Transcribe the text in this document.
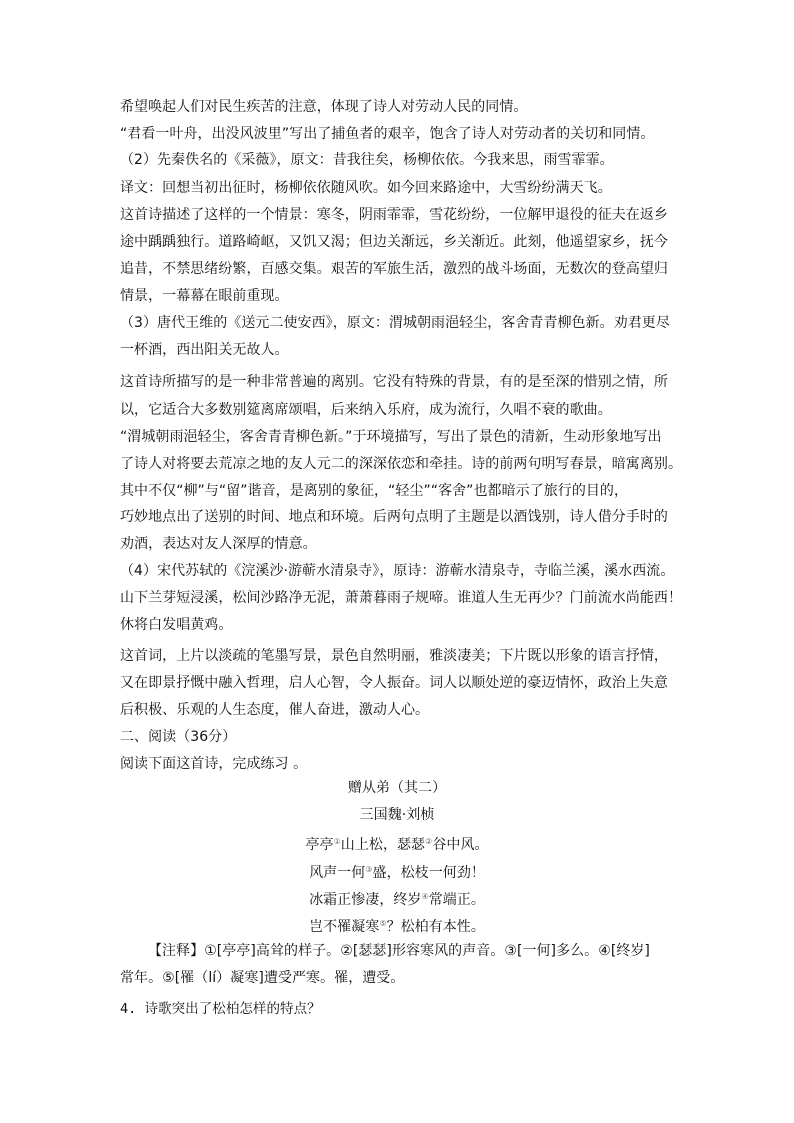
希望唤起人们对民生疾苦的注意，体现了诗人对劳动人民的同情。
“君看一叶舟，出没风波里”写出了捕鱼者的艰辛，饱含了诗人对劳动者的关切和同情。
（2）先秦佚名的《采薇》，原文：昔我往矣，杨柳依依。今我来思，雨雪霏霏。
译文：回想当初出征时，杨柳依依随风吹。如今回来路途中，大雪纷纷满天飞。
这首诗描述了这样的一个情景：寒冬，阴雨霏霏，雪花纷纷，一位解甲退役的征夫在返乡
途中踽踽独行。道路崎岖，又饥又渴；但边关渐远，乡关渐近。此刻，他遥望家乡，抚今
追昔，不禁思绪纷繁，百感交集。艰苦的军旅生活，激烈的战斗场面，无数次的登高望归
情景，一幕幕在眼前重现。
（3）唐代王维的《送元二使安西》，原文：渭城朝雨浥轻尘，客舍青青柳色新。劝君更尽
一杯酒，西出阳关无故人。
这首诗所描写的是一种非常普遍的离别。它没有特殊的背景，有的是至深的惜别之情，所
以，它适合大多数别筵离席颂唱，后来纳入乐府，成为流行，久唱不衰的歌曲。
“渭城朝雨浥轻尘，客舍青青柳色新。”于环境描写，写出了景色的清新，生动形象地写出
了诗人对将要去荒凉之地的友人元二的深深依恋和牵挂。诗的前两句明写春景，暗寓离别。
其中不仅“柳”与“留”谐音，是离别的象征，“轻尘”“客舍”也都暗示了旅行的目的，
巧妙地点出了送别的时间、地点和环境。后两句点明了主题是以酒饯别，诗人借分手时的
劝酒，表达对友人深厚的情意。
（4）宋代苏轼的《浣溪沙·游蕲水清泉寺》，原诗：游蕲水清泉寺，寺临兰溪，溪水西流。
山下兰芽短浸溪，松间沙路净无泥，萧萧暮雨子规啼。谁道人生无再少？门前流水尚能西！
休将白发唱黄鸡。
这首词，上片以淡疏的笔墨写景，景色自然明丽，雅淡凄美；下片既以形象的语言抒情，
又在即景抒慨中融入哲理，启人心智，令人振奋。词人以顺处逆的豪迈情怀，政治上失意
后积极、乐观的人生态度，催人奋进，激动人心。
二、阅读（36分）
阅读下面这首诗，完成练习 。
赠从弟（其二）
三国魏·刘桢
亭亭①山上松，瑟瑟②谷中风。
风声一何③盛，松枝一何劲！
冰霜正惨凄，终岁④常端正。
岂不罹凝寒⑤？松柏有本性。
【注释】①[亭亭]高耸的样子。②[瑟瑟]形容寒风的声音。③[一何]多么。④[终岁]
常年。⑤[罹（lí）凝寒]遭受严寒。罹，遭受。
4. 诗歌突出了松柏怎样的特点？
